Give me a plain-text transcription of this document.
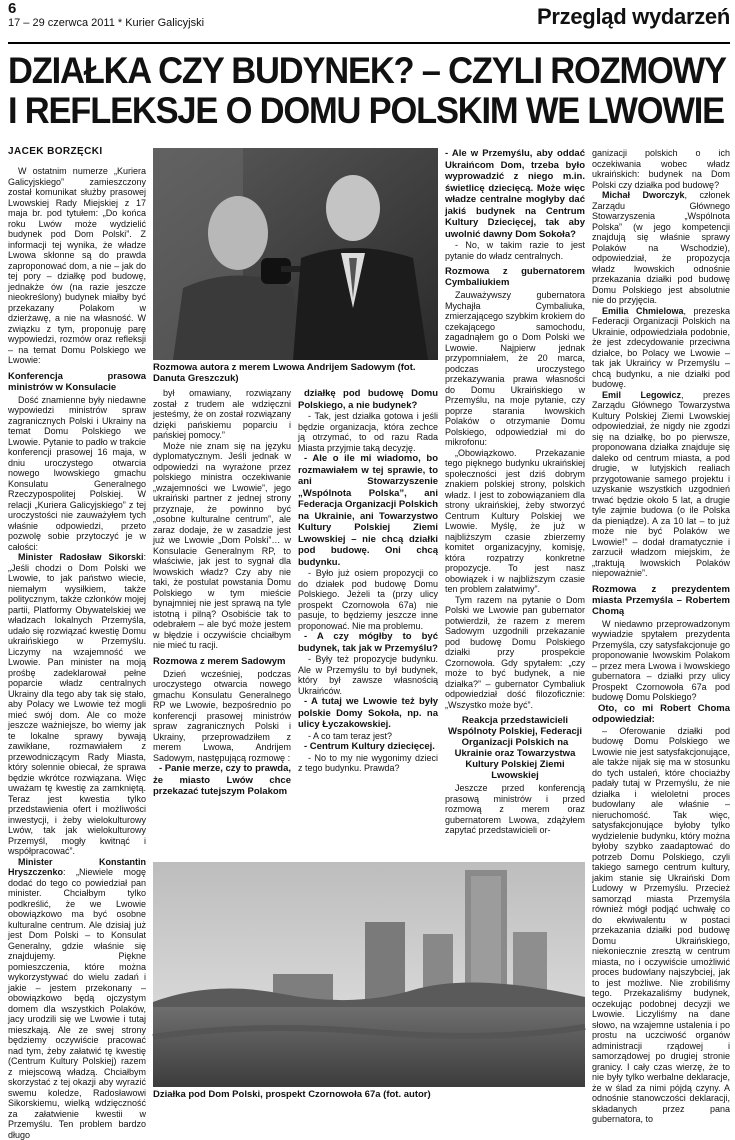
6
17 – 29 czerwca 2011 * Kurier Galicyjski	Przegląd wydarzeń
DZIAŁKA CZY BUDYNEK? – CZYLI ROZMOWY
I REFLEKSJE O DOMU POLSKIM WE LWOWIE
JACEK BORZĘCKI

W ostatnim numerze „Kuriera Galicyjskiego” zamieszczony został komunikat służby prasowej Lwowskiej Rady Miejskiej z 17 maja br. pod tytułem: „Do końca roku Lwów może wydzielić budynek pod Dom Polski”. Z informacji tej wynika, że władze Lwowa skłonne są do prawda zaproponować dom, a nie – jak do tej pory – działkę pod budowę, jednakże ów (na razie jeszcze nieokreślony) budynek miałby być przekazany Polakom w dzierżawę, a nie na własność. W związku z tym, proponuję parę wypowiedzi, rozmów oraz refleksji – na temat Domu Polskiego we Lwowie:

Konferencja prasowa ministrów w Konsulacie

Dość znamienne były niedawne wypowiedzi ministrów spraw zagranicznych Polski i Ukrainy na temat Domu Polskiego we Lwowie. Pytanie to padło w trakcie konferencji prasowej 16 maja, w dniu uroczystego otwarcia nowego lwowskiego gmachu Konsulatu Generalnego Rzeczypospolitej Polskiej. W relacji „Kuriera Galicyjskiego” z tej uroczystości nie zauważyłem tych właśnie odpowiedzi, przeto pozwolę sobie przytoczyć je w całości:

Minister Radosław Sikorski: „Jeśli chodzi o Dom Polski we Lwowie, to jak państwo wiecie, niemałym wysiłkiem, także politycznym, także członków mojej partii, Platformy Obywatelskiej we władzach lokalnych Przemyśla, udało się rozwiązać kwestię Domu ukraińskiego w Przemyślu. Liczymy na wzajemność we Lwowie. Pan minister na moją prośbę zadeklarował pełne poparcie władz centralnych Ukrainy dla tego aby tak się stało, aby Polacy we Lwowie też mogli mieć swój dom. Ale co może jeszcze ważniejsze, bo wiemy jak te lokalne sprawy bywają zawikłane, rozmawiałem z przewodniczącym Rady Miasta, który solennie obiecał, że sprawa będzie wkrótce rozwiązana. Więc uważam tę kwestię za zamkniętą. Teraz jest kwestia tylko przedstawienia ofert i możliwości inwestycji, i żeby wielokulturowy Lwów, tak jak wielokulturowy Przemyśl, mogły kwitnąć i współpracować”.

Minister Konstantin Hryszczenko: „Niewiele mogę dodać do tego co powiedział pan minister. Chciałbym tylko podkreślić, że we Lwowie obowiązkowo ma być osobne kulturalne centrum. Ale dzisiaj już jest Dom Polski – to Konsulat Generalny, gdzie właśnie się znajdujemy. Piękne pomieszczenia, które można wykorzystywać do wielu zadań i jakie – jestem przekonany – obowiązkowo będą ojczystym domem dla wszystkich Polaków, jacy urodzili się we Lwowie i tutaj mieszkają. Ale ze swej strony będziemy oczywiście pracować nad tym, żeby załatwić tę kwestię (Centrum Kultury Polskiej) razem z miejscową władzą. Chciałbym skorzystać z tej okazji aby wyrazić swemu koledze, Radosławowi Sikorskiemu, wielką wdzięczność za załatwienie kwestii w Przemyślu. Ten problem bardzo długo

Rozmowa autora z merem Lwowa Andrijem Sadowym (fot. Danuta Greszczuk)

był omawiany, rozwiązany został z trudem ale wdzięczni jesteśmy, że on został rozwiązany dzięki pańskiemu poparciu i pańskiej pomocy.”

Może nie znam się na języku dyplomatycznym. Jeśli jednak w odpowiedzi na wyrażone przez polskiego ministra oczekiwanie „wzajemności we Lwowie”, jego ukraiński partner z jednej strony przyznaje, że powinno być „osobne kulturalne centrum”, ale zaraz dodaje, że w zasadzie jest już we Lwowie „Dom Polski”… w Konsulacie Generalnym RP, to właściwie, jak jest to sygnał dla lwowskich władz? Czy aby nie taki, że postulat powstania Domu Polskiego w tym mieście bynajmniej nie jest sprawą na tyle istotną i pilną? Osobiście tak to odebrałem – ale być może jestem w błędzie i oczywiście chciałbym nie mieć tu racji.

Rozmowa z merem Sadowym

Dzień wcześniej, podczas uroczystego otwarcia nowego gmachu Konsulatu Generalnego RP we Lwowie, bezpośrednio po konferencji prasowej ministrów spraw zagranicznych Polski i Ukrainy, przeprowadziłem z merem Lwowa, Andrijem Sadowym, następującą rozmowę :

- Panie merze, czy to prawda, że miasto Lwów chce przekazać tutejszym Polakom

działkę pod budowę Domu Polskiego, a nie budynek?

- Tak, jest działka gotowa i jeśli będzie organizacja, która zechce ją otrzymać, to od razu Rada Miasta przyjmie taką decyzję.

- Ale o ile mi wiadomo, bo rozmawiałem w tej sprawie, to ani Stowarzyszenie „Wspólnota Polska”, ani Federacja Organizacji Polskich na Ukrainie, ani Towarzystwo Kultury Polskiej Ziemi Lwowskiej – nie chcą działki pod budowę. Oni chcą budynku.

- Było już osiem propozycji co do działek pod budowę Domu Polskiego. Jeżeli ta (przy ulicy prospekt Czornowoła 67a) nie pasuje, to będziemy jeszcze inne proponować. Nie ma problemu.

- A czy mógłby to być budynek, tak jak w Przemyślu?

- Były też propozycje budynku. Ale w Przemyślu to był budynek, który był zawsze własnością Ukraińców.

- A tutaj we Lwowie też były polskie Domy Sokoła, np. na ulicy Łyczakowskiej.

- A co tam teraz jest?

- Centrum Kultury dziecięcej.

- No to my nie wygonimy dzieci z tego budynku. Prawda?

- Ale w Przemyślu, aby oddać Ukraińcom Dom, trzeba było wyprowadzić z niego m.in. świetlicę dziecięcą. Może więc władze centralne mogłyby dać jakiś budynek na Centrum Kultury Dziecięcej, tak aby uwolnić dawny Dom Sokoła?

- No, w takim razie to jest pytanie do władz centralnych.

Rozmowa z gubernatorem Cymbaliukiem

Zauważywszy gubernatora Mychajła Cymbaliuka, zmierzającego szybkim krokiem do czekającego samochodu, zagadnąłem go o Dom Polski we Lwowie. Najpierw jednak przypomniałem, że 20 marca, podczas uroczystego przekazywania prawa własności do Domu Ukraińskiego w Przemyślu, na moje pytanie, czy poprze starania lwowskich Polaków o otrzymanie Domu Polskiego, odpowiedział mi do mikrofonu:

„Obowiązkowo. Przekazanie tego pięknego budynku ukraińskiej społeczności jest dziś dobrym znakiem polskiej strony, polskich władz. I jest to zobowiązaniem dla strony ukraińskiej, żeby stworzyć Centrum Kultury Polskiej we Lwowie. Myślę, że już w najbliższym czasie zbierzemy komitet organizacyjny, komisję, która rozpatrzy konkretne propozycje. To jest nasz obowiązek i w najbliższym czasie ten problem załatwimy”.

Tym razem na pytanie o Dom Polski we Lwowie pan gubernator potwierdził, że razem z merem Sadowym uzgodnili przekazanie pod budowę Domu Polskiego działki przy prospekcie Czornowoła. Gdy spytałem: „czy może to być budynek, a nie działka?” – gubernator Cymbaliuk odpowiedział dość filozoficznie: „Wszystko może być”.

Reakcja przedstawicieli Wspólnoty Polskiej, Federacji Organizacji Polskich na Ukrainie oraz Towarzystwa Kultury Polskiej Ziemi Lwowskiej

Jeszcze przed konferencją prasową ministrów i przed rozmową z merem oraz gubernatorem Lwowa, zdążyłem zapytać przedstawicieli or-

ganizacji polskich o ich oczekiwania wobec władz ukraińskich: budynek na Dom Polski czy działka pod budowę?

Michał Dworczyk, członek Zarządu Głównego Stowarzyszenia „Wspólnota Polska” (w jego kompetencji znajdują się właśnie sprawy Polaków na Wschodzie), odpowiedział, że propozycja władz lwowskich odnośnie przekazania działki pod budowę Domu Polskiego jest absolutnie nie do przyjęcia.

Emilia Chmielowa, prezeska Federacji Organizacji Polskich na Ukrainie, odpowiedziała podobnie, że jest zdecydowanie przeciwna działce, bo Polacy we Lwowie – tak jak Ukraińcy w Przemyślu – chcą budynku, a nie działki pod budowę.

Emil Legowicz, prezes Zarządu Głównego Towarzystwa Kultury Polskiej Ziemi Lwowskiej odpowiedział, że nigdy nie zgodzi się na działkę, bo po pierwsze, proponowana działka znajduje się daleko od centrum miasta, a pod drugie, w lutyjskich realiach przygotowanie samego projektu i uzyskanie wszystkich uzgodnień trwać będzie około 5 lat, a drugie tyle zajmie budowa (o ile Polska da pieniądze). A za 10 lat – to już może nie być Polaków we Lwowie!” – dodał dramatycznie i zarzucił władzom miejskim, że „traktują lwowskich Polaków niepoważnie”.

Rozmowa z prezydentem miasta Przemyśla – Robertem Chomą

W niedawno przeprowadzonym wywiadzie spytałem prezydenta Przemyśla, czy satysfakcjonuje go proponowanie lwowskim Polakom – przez mera Lwowa i lwowskiego gubernatora – działki przy ulicy Prospekt Czornowoła 67a pod budowę Domu Polskiego?

Oto, co mi Robert Choma odpowiedział:

– Oferowanie działki pod budowę Domu Polskiego we Lwowie nie jest satysfakcjonujące, ale także nijak się ma w stosunku do tych ustaleń, które chociażby padały tutaj w Przemyślu, że nie działka i wieloletni proces budowlany ale właśnie – nieruchomość. Tak więc, satysfakcjonujące byłoby tylko wydzielenie budynku, który można byłoby szybko zaadaptować do potrzeb Domu Polskiego, czyli takiego samego centrum kultury, jakim stanie się Ukraiński Dom Ludowy w Przemyślu. Przecież samorząd miasta Przemyśla również mógł podjąć uchwałę co do ekwiwalentu w postaci przekazania działki pod budowę Domu Ukraińskiego, niekoniecznie zresztą w centrum miasta, no i oczywiście umożliwić proces budowlany najszybciej, jak to jest możliwe. Nie zrobiliśmy tego. Przekazaliśmy budynek, oczekując podobnej decyzji we Lwowie. Liczyliśmy na dane słowo, na wzajemne ustalenia i po prostu na uczciwość organów administracji rządowej i samorządowej po drugiej stronie granicy. I cały czas wierzę, że to nie były tylko werbalne deklaracje, że w ślad za nimi pójdą czyny. A odnośnie stanowczości deklaracji, składanych przez pana gubernatora, to

Działka pod Dom Polski, prospekt Czornowoła 67a (fot. autor)
